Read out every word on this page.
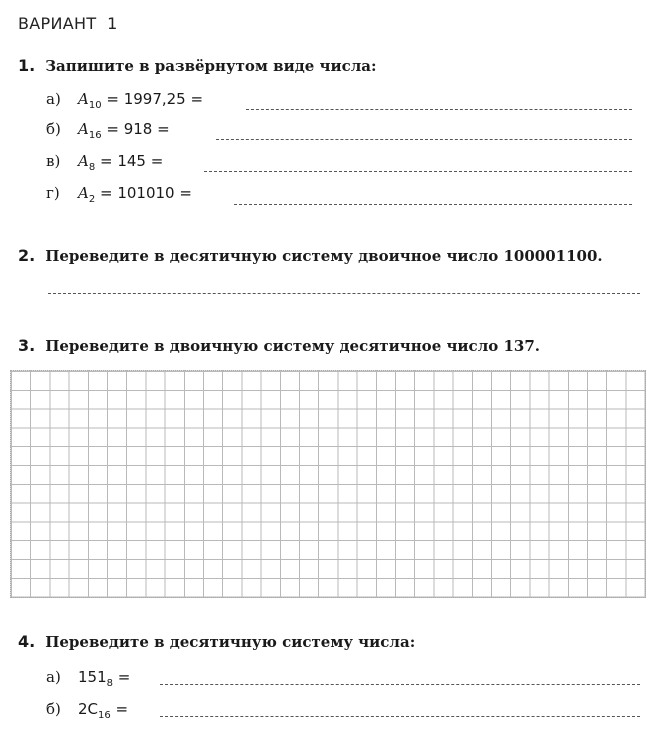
ВАРИАНТ 1
1. Запишите в развёрнутом виде числа:
а)	$A_{10} = 1997,25$ =
б)	$A_{16} = 918$ =
в)	$A_8 = 145$ =
г)	$A_2 = 101010$ =
2. Переведите в десятичную систему двоичное число 100001100.
3. Переведите в двоичную систему десятичное число 137.
4. Переведите в десятичную систему числа:
а)	$151_8$ =
б)	$2C_{16}$ =
